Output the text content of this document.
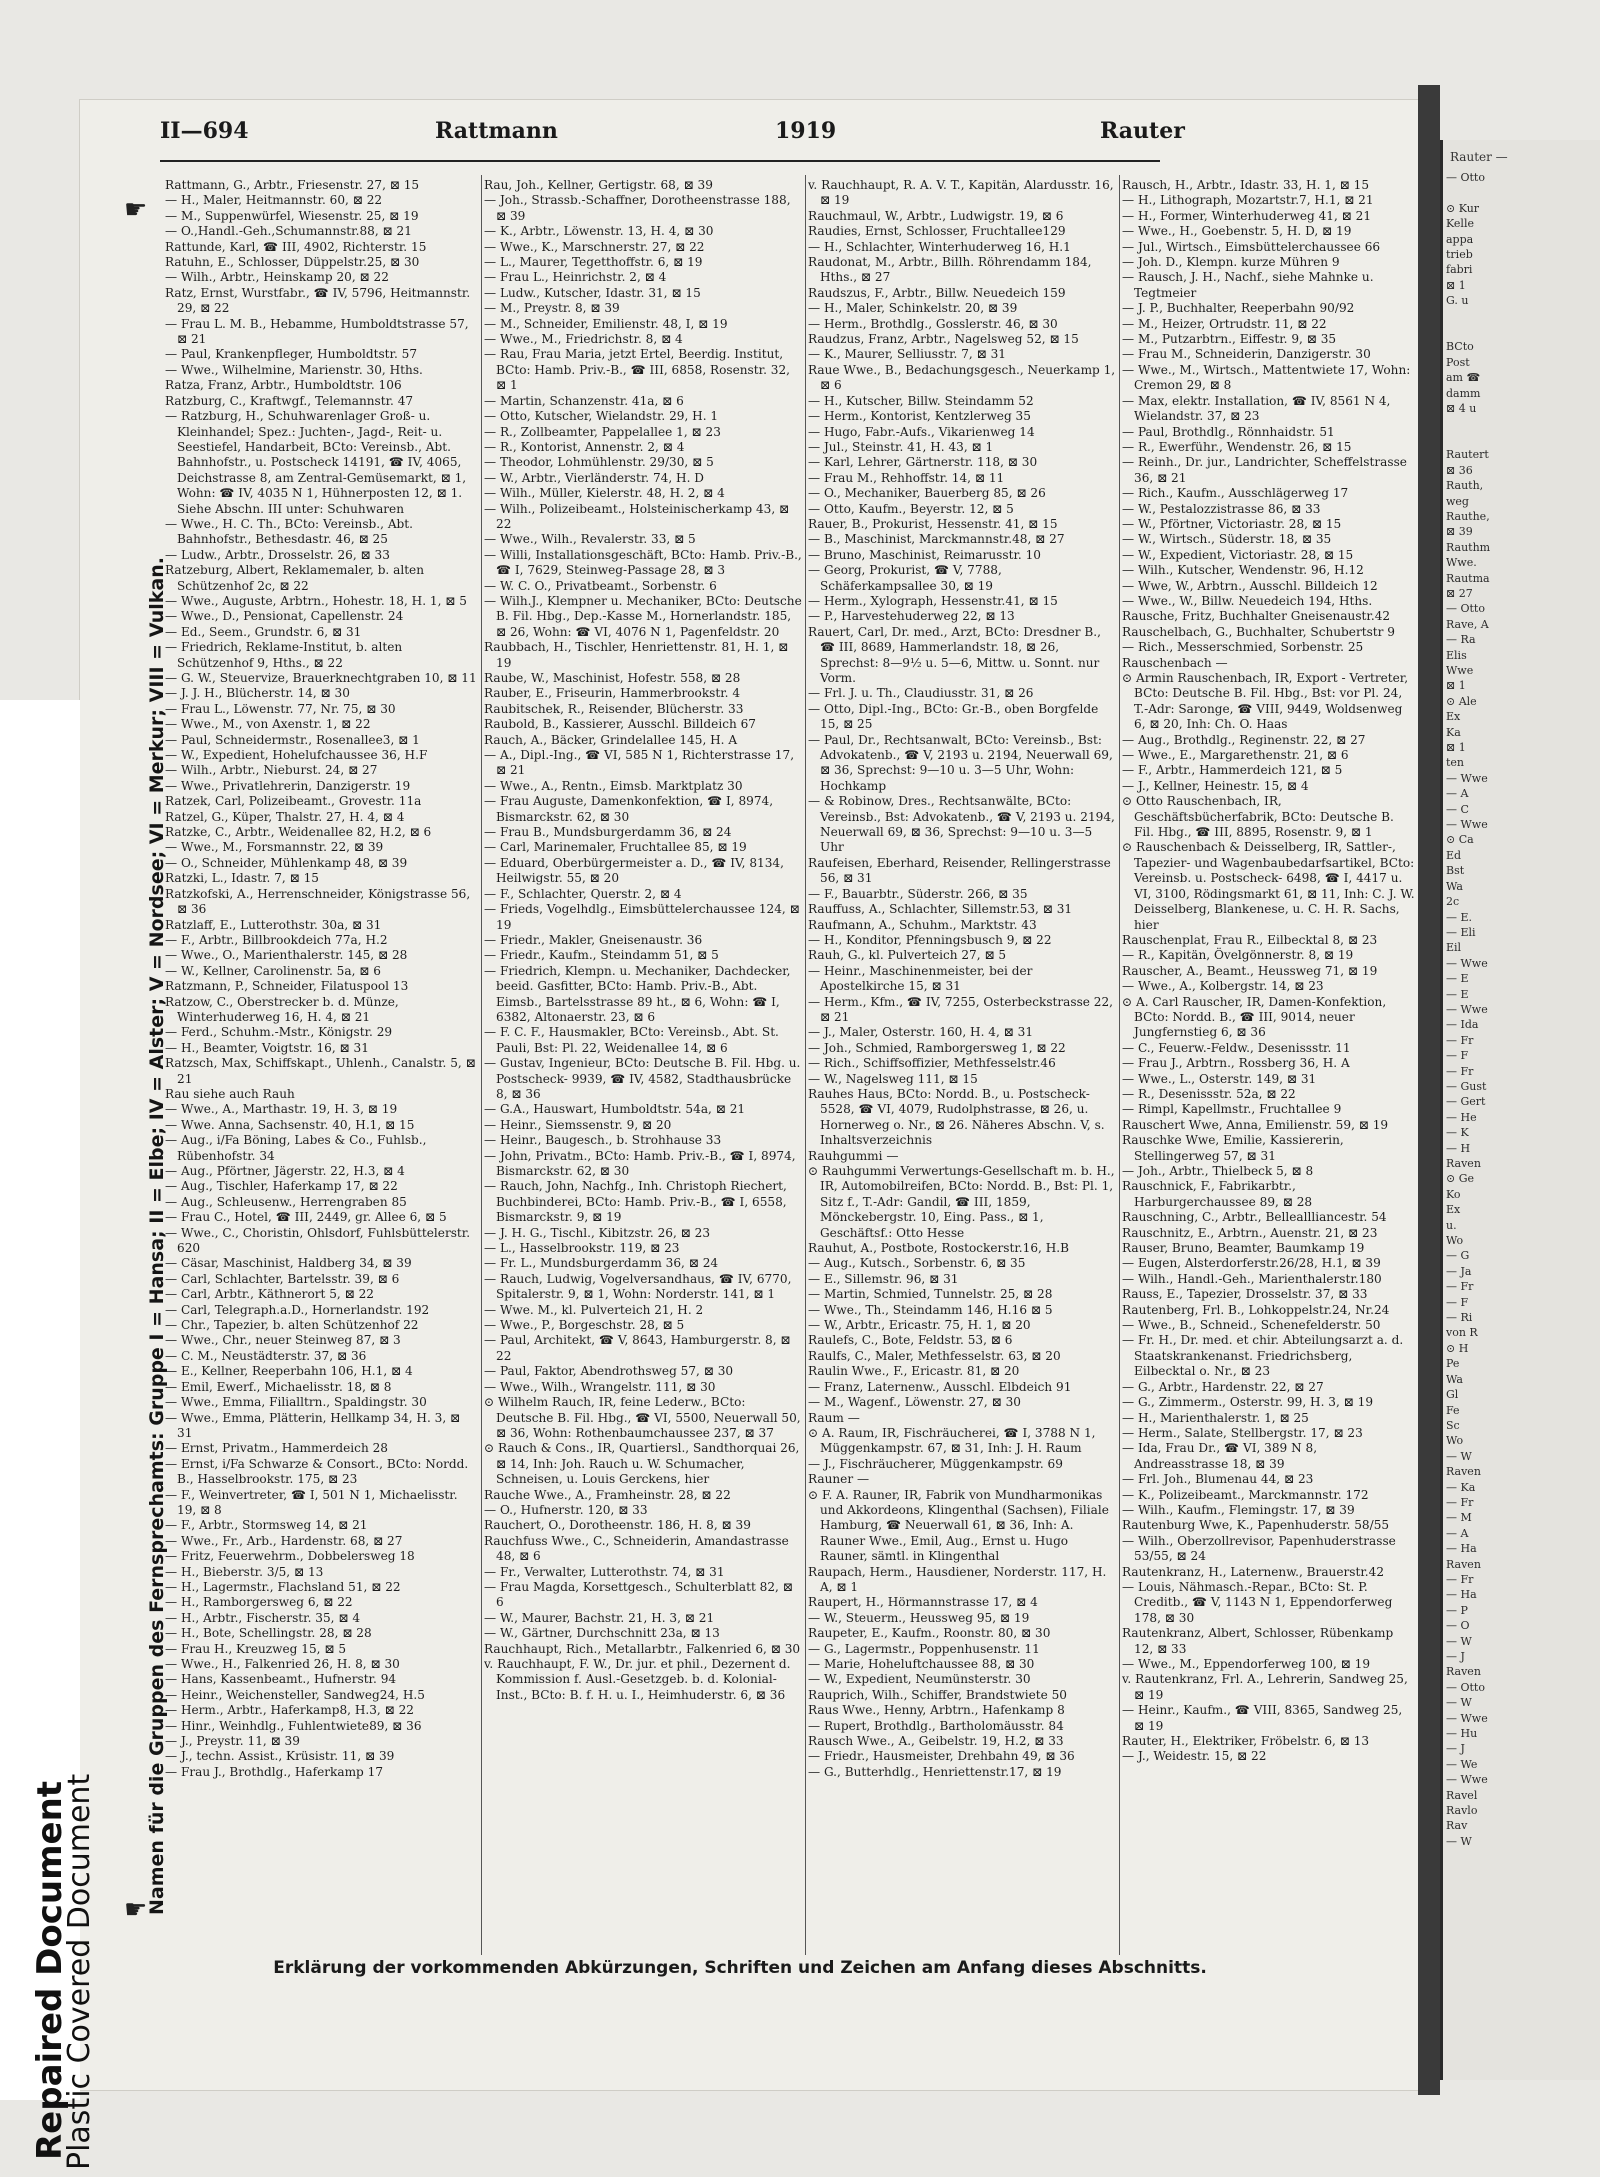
Plastic Covered Document
Repaired Document
II—694	Rattmann	1919	Rauter
☛
☛
Namen für die Gruppen des Fernsprechamts: Gruppe I = Hansa; II = Elbe; IV = Alster; V = Nordsee; VI = Merkur; VIII = Vulkan.

Rattmann, G., Arbtr., Friesenstr. 27, ⊠ 15

— H., Maler, Heitmannstr. 60, ⊠ 22

— M., Suppenwürfel, Wiesenstr. 25, ⊠ 19

— O.,Handl.-Geh.,Schumannstr.88, ⊠ 21

Rattunde, Karl, ☎ III, 4902, Richterstr. 15

Ratuhn, E., Schlosser, Düppelstr.25, ⊠ 30

— Wilh., Arbtr., Heinskamp 20, ⊠ 22

Ratz, Ernst, Wurstfabr., ☎ IV, 5796, Heitmannstr. 29, ⊠ 22

— Frau L. M. B., Hebamme, Humboldtstrasse 57, ⊠ 21

— Paul, Krankenpfleger, Humboldtstr. 57

— Wwe., Wilhelmine, Marienstr. 30, Hths.

Ratza, Franz, Arbtr., Humboldtstr. 106

Ratzburg, C., Kraftwgf., Telemannstr. 47

— Ratzburg, H., Schuhwarenlager Groß- u. Kleinhandel; Spez.: Juchten-, Jagd-, Reit- u. Seestiefel, Handarbeit, BCto: Vereinsb., Abt. Bahnhofstr., u. Postscheck 14191, ☎ IV, 4065, Deichstrasse 8, am Zentral-Gemüsemarkt, ⊠ 1, Wohn: ☎ IV, 4035 N 1, Hühnerposten 12, ⊠ 1. Siehe Abschn. III unter: Schuhwaren

— Wwe., H. C. Th., BCto: Vereinsb., Abt. Bahnhofstr., Bethesdastr. 46, ⊠ 25

— Ludw., Arbtr., Drosselstr. 26, ⊠ 33

Ratzeburg, Albert, Reklamemaler, b. alten Schützenhof 2c, ⊠ 22

— Wwe., Auguste, Arbtrn., Hohestr. 18, H. 1, ⊠ 5

— Wwe., D., Pensionat, Capellenstr. 24

— Ed., Seem., Grundstr. 6, ⊠ 31

— Friedrich, Reklame-Institut, b. alten Schützenhof 9, Hths., ⊠ 22

— G. W., Steuervize, Brauerknechtgraben 10, ⊠ 11

— J. J. H., Blücherstr. 14, ⊠ 30

— Frau L., Löwenstr. 77, Nr. 75, ⊠ 30

— Wwe., M., von Axenstr. 1, ⊠ 22

— Paul, Schneidermstr., Rosenallee3, ⊠ 1

— W., Expedient, Hohelufchaussee 36, H.F

— Wilh., Arbtr., Nieburst. 24, ⊠ 27

— Wwe., Privatlehrerin, Danzigerstr. 19

Ratzek, Carl, Polizeibeamt., Grovestr. 11a

Ratzel, G., Küper, Thalstr. 27, H. 4, ⊠ 4

Ratzke, C., Arbtr., Weidenallee 82, H.2, ⊠ 6

— Wwe., M., Forsmannstr. 22, ⊠ 39

— O., Schneider, Mühlenkamp 48, ⊠ 39

Ratzki, L., Idastr. 7, ⊠ 15

Ratzkofski, A., Herrenschneider, Königstrasse 56, ⊠ 36

Ratzlaff, E., Lutterothstr. 30a, ⊠ 31

— F., Arbtr., Billbrookdeich 77a, H.2

— Wwe., O., Marienthalerstr. 145, ⊠ 28

— W., Kellner, Carolinenstr. 5a, ⊠ 6

Ratzmann, P., Schneider, Filatuspool 13

Ratzow, C., Oberstrecker b. d. Münze, Winterhuderweg 16, H. 4, ⊠ 21

— Ferd., Schuhm.-Mstr., Königstr. 29

— H., Beamter, Voigtstr. 16, ⊠ 31

Ratzsch, Max, Schiffskapt., Uhlenh., Canalstr. 5, ⊠ 21

Rau siehe auch Rauh

— Wwe., A., Marthastr. 19, H. 3, ⊠ 19

— Wwe. Anna, Sachsenstr. 40, H.1, ⊠ 15

— Aug., i/Fa Böning, Labes & Co., Fuhlsb., Rübenhofstr. 34

— Aug., Pförtner, Jägerstr. 22, H.3, ⊠ 4

— Aug., Tischler, Haferkamp 17, ⊠ 22

— Aug., Schleusenw., Herrengraben 85

— Frau C., Hotel, ☎ III, 2449, gr. Allee 6, ⊠ 5

— Wwe., C., Choristin, Ohlsdorf, Fuhlsbüttelerstr. 620

— Cäsar, Maschinist, Haldberg 34, ⊠ 39

— Carl, Schlachter, Bartelsstr. 39, ⊠ 6

— Carl, Arbtr., Käthnerort 5, ⊠ 22

— Carl, Telegraph.a.D., Hornerlandstr. 192

— Chr., Tapezier, b. alten Schützenhof 22

— Wwe., Chr., neuer Steinweg 87, ⊠ 3

— C. M., Neustädterstr. 37, ⊠ 36

— E., Kellner, Reeperbahn 106, H.1, ⊠ 4

— Emil, Ewerf., Michaelisstr. 18, ⊠ 8

— Wwe., Emma, Filialltrn., Spaldingstr. 30

— Wwe., Emma, Plätterin, Hellkamp 34, H. 3, ⊠ 31

— Ernst, Privatm., Hammerdeich 28

— Ernst, i/Fa Schwarze & Consort., BCto: Nordd. B., Hasselbrookstr. 175, ⊠ 23

— F., Weinvertreter, ☎ I, 501 N 1, Michaelisstr. 19, ⊠ 8

— F., Arbtr., Stormsweg 14, ⊠ 21

— Wwe., Fr., Arb., Hardenstr. 68, ⊠ 27

— Fritz, Feuerwehrm., Dobbelersweg 18

— H., Bieberstr. 3/5, ⊠ 13

— H., Lagermstr., Flachsland 51, ⊠ 22

— H., Ramborgersweg 6, ⊠ 22

— H., Arbtr., Fischerstr. 35, ⊠ 4

— H., Bote, Schellingstr. 28, ⊠ 28

— Frau H., Kreuzweg 15, ⊠ 5

— Wwe., H., Falkenried 26, H. 8, ⊠ 30

— Hans, Kassenbeamt., Hufnerstr. 94

— Heinr., Weichensteller, Sandweg24, H.5

— Herm., Arbtr., Haferkamp8, H.3, ⊠ 22

— Hinr., Weinhdlg., Fuhlentwiete89, ⊠ 36

— J., Preystr. 11, ⊠ 39

— J., techn. Assist., Krüsistr. 11, ⊠ 39

— Frau J., Brothdlg., Haferkamp 17

Rau, Joh., Kellner, Gertigstr. 68, ⊠ 39

— Joh., Strassb.-Schaffner, Dorotheenstrasse 188, ⊠ 39

— K., Arbtr., Löwenstr. 13, H. 4, ⊠ 30

— Wwe., K., Marschnerstr. 27, ⊠ 22

— L., Maurer, Tegetthoffstr. 6, ⊠ 19

— Frau L., Heinrichstr. 2, ⊠ 4

— Ludw., Kutscher, Idastr. 31, ⊠ 15

— M., Preystr. 8, ⊠ 39

— M., Schneider, Emilienstr. 48, I, ⊠ 19

— Wwe., M., Friedrichstr. 8, ⊠ 4

— Rau, Frau Maria, jetzt Ertel, Beerdig. Institut, BCto: Hamb. Priv.-B., ☎ III, 6858, Rosenstr. 32, ⊠ 1

— Martin, Schanzenstr. 41a, ⊠ 6

— Otto, Kutscher, Wielandstr. 29, H. 1

— R., Zollbeamter, Pappelallee 1, ⊠ 23

— R., Kontorist, Annenstr. 2, ⊠ 4

— Theodor, Lohmühlenstr. 29/30, ⊠ 5

— W., Arbtr., Vierländerstr. 74, H. D

— Wilh., Müller, Kielerstr. 48, H. 2, ⊠ 4

— Wilh., Polizeibeamt., Holsteinischerkamp 43, ⊠ 22

— Wwe., Wilh., Revalerstr. 33, ⊠ 5

— Willi, Installationsgeschäft, BCto: Hamb. Priv.-B., ☎ I, 7629, Steinweg-Passage 28, ⊠ 3

— W. C. O., Privatbeamt., Sorbenstr. 6

— Wilh.J., Klempner u. Mechaniker, BCto: Deutsche B. Fil. Hbg., Dep.-Kasse M., Hornerlandstr. 185, ⊠ 26, Wohn: ☎ VI, 4076 N 1, Pagenfeldstr. 20

Raubbach, H., Tischler, Henriettenstr. 81, H. 1, ⊠ 19

Raube, W., Maschinist, Hofestr. 558, ⊠ 28

Rauber, E., Friseurin, Hammerbrookstr. 4

Raubitschek, R., Reisender, Blücherstr. 33

Raubold, B., Kassierer, Ausschl. Billdeich 67

Rauch, A., Bäcker, Grindelallee 145, H. A

— A., Dipl.-Ing., ☎ VI, 585 N 1, Richterstrasse 17, ⊠ 21

— Wwe., A., Rentn., Eimsb. Marktplatz 30

— Frau Auguste, Damenkonfektion, ☎ I, 8974, Bismarckstr. 62, ⊠ 30

— Frau B., Mundsburgerdamm 36, ⊠ 24

— Carl, Marinemaler, Fruchtallee 85, ⊠ 19

— Eduard, Oberbürgermeister a. D., ☎ IV, 8134, Heilwigstr. 55, ⊠ 20

— F., Schlachter, Querstr. 2, ⊠ 4

— Frieds, Vogelhdlg., Eimsbüttelerchaussee 124, ⊠ 19

— Friedr., Makler, Gneisenaustr. 36

— Friedr., Kaufm., Steindamm 51, ⊠ 5

— Friedrich, Klempn. u. Mechaniker, Dachdecker, beeid. Gasfitter, BCto: Hamb. Priv.-B., Abt. Eimsb., Bartelsstrasse 89 ht., ⊠ 6, Wohn: ☎ I, 6382, Altonaerstr. 23, ⊠ 6

— F. C. F., Hausmakler, BCto: Vereinsb., Abt. St. Pauli, Bst: Pl. 22, Weidenallee 14, ⊠ 6

— Gustav, Ingenieur, BCto: Deutsche B. Fil. Hbg. u. Postscheck- 9939, ☎ IV, 4582, Stadthausbrücke 8, ⊠ 36

— G.A., Hauswart, Humboldtstr. 54a, ⊠ 21

— Heinr., Siemssenstr. 9, ⊠ 20

— Heinr., Baugesch., b. Strohhause 33

— John, Privatm., BCto: Hamb. Priv.-B., ☎ I, 8974, Bismarckstr. 62, ⊠ 30

— Rauch, John, Nachfg., Inh. Christoph Riechert, Buchbinderei, BCto: Hamb. Priv.-B., ☎ I, 6558, Bismarckstr. 9, ⊠ 19

— J. H. G., Tischl., Kibitzstr. 26, ⊠ 23

— L., Hasselbrookstr. 119, ⊠ 23

— Fr. L., Mundsburgerdamm 36, ⊠ 24

— Rauch, Ludwig, Vogelversandhaus, ☎ IV, 6770, Spitalerstr. 9, ⊠ 1, Wohn: Norderstr. 141, ⊠ 1

— Wwe. M., kl. Pulverteich 21, H. 2

— Wwe., P., Borgeschstr. 28, ⊠ 5

— Paul, Architekt, ☎ V, 8643, Hamburgerstr. 8, ⊠ 22

— Paul, Faktor, Abendrothsweg 57, ⊠ 30

— Wwe., Wilh., Wrangelstr. 111, ⊠ 30

⊙ Wilhelm Rauch, IR, feine Lederw., BCto: Deutsche B. Fil. Hbg., ☎ VI, 5500, Neuerwall 50, ⊠ 36, Wohn: Rothenbaumchaussee 237, ⊠ 37

⊙ Rauch & Cons., IR, Quartiersl., Sandthorquai 26, ⊠ 14, Inh: Joh. Rauch u. W. Schumacher, Schneisen, u. Louis Gerckens, hier

Rauche Wwe., A., Framheinstr. 28, ⊠ 22

— O., Hufnerstr. 120, ⊠ 33

Rauchert, O., Dorotheenstr. 186, H. 8, ⊠ 39

Rauchfuss Wwe., C., Schneiderin, Amandastrasse 48, ⊠ 6

— Fr., Verwalter, Lutterothstr. 74, ⊠ 31

— Frau Magda, Korsettgesch., Schulterblatt 82, ⊠ 6

— W., Maurer, Bachstr. 21, H. 3, ⊠ 21

— W., Gärtner, Durchschnitt 23a, ⊠ 13

Rauchhaupt, Rich., Metallarbtr., Falkenried 6, ⊠ 30

v. Rauchhaupt, F. W., Dr. jur. et phil., Dezernent d. Kommission f. Ausl.-Gesetzgeb. b. d. Kolonial-Inst., BCto: B. f. H. u. I., Heimhuderstr. 6, ⊠ 36

v. Rauchhaupt, R. A. V. T., Kapitän, Alardusstr. 16, ⊠ 19

Rauchmaul, W., Arbtr., Ludwigstr. 19, ⊠ 6

Raudies, Ernst, Schlosser, Fruchtallee129

— H., Schlachter, Winterhuderweg 16, H.1

Raudonat, M., Arbtr., Billh. Röhrendamm 184, Hths., ⊠ 27

Raudszus, F., Arbtr., Billw. Neuedeich 159

— H., Maler, Schinkelstr. 20, ⊠ 39

— Herm., Brothdlg., Gosslerstr. 46, ⊠ 30

Raudzus, Franz, Arbtr., Nagelsweg 52, ⊠ 15

— K., Maurer, Selliusstr. 7, ⊠ 31

Raue Wwe., B., Bedachungsgesch., Neuerkamp 1, ⊠ 6

— H., Kutscher, Billw. Steindamm 52

— Herm., Kontorist, Kentzlerweg 35

— Hugo, Fabr.-Aufs., Vikarienweg 14

— Jul., Steinstr. 41, H. 43, ⊠ 1

— Karl, Lehrer, Gärtnerstr. 118, ⊠ 30

— Frau M., Rehhoffstr. 14, ⊠ 11

— O., Mechaniker, Bauerberg 85, ⊠ 26

— Otto, Kaufm., Beyerstr. 12, ⊠ 5

Rauer, B., Prokurist, Hessenstr. 41, ⊠ 15

— B., Maschinist, Marckmannstr.48, ⊠ 27

— Bruno, Maschinist, Reimarusstr. 10

— Georg, Prokurist, ☎ V, 7788, Schäferkampsallee 30, ⊠ 19

— Herm., Xylograph, Hessenstr.41, ⊠ 15

— P., Harvestehuderweg 22, ⊠ 13

Rauert, Carl, Dr. med., Arzt, BCto: Dresdner B., ☎ III, 8689, Hammerlandstr. 18, ⊠ 26, Sprechst: 8—9½ u. 5—6, Mittw. u. Sonnt. nur Vorm.

— Frl. J. u. Th., Claudiusstr. 31, ⊠ 26

— Otto, Dipl.-Ing., BCto: Gr.-B., oben Borgfelde 15, ⊠ 25

— Paul, Dr., Rechtsanwalt, BCto: Vereinsb., Bst: Advokatenb., ☎ V, 2193 u. 2194, Neuerwall 69, ⊠ 36, Sprechst: 9—10 u. 3—5 Uhr, Wohn: Hochkamp

— & Robinow, Dres., Rechtsanwälte, BCto: Vereinsb., Bst: Advokatenb., ☎ V, 2193 u. 2194, Neuerwall 69, ⊠ 36, Sprechst: 9—10 u. 3—5 Uhr

Raufeisen, Eberhard, Reisender, Rellingerstrasse 56, ⊠ 31

— F., Bauarbtr., Süderstr. 266, ⊠ 35

Rauffuss, A., Schlachter, Sillemstr.53, ⊠ 31

Raufmann, A., Schuhm., Marktstr. 43

— H., Konditor, Pfenningsbusch 9, ⊠ 22

Rauh, G., kl. Pulverteich 27, ⊠ 5

— Heinr., Maschinenmeister, bei der Apostelkirche 15, ⊠ 31

— Herm., Kfm., ☎ IV, 7255, Osterbeckstrasse 22, ⊠ 21

— J., Maler, Osterstr. 160, H. 4, ⊠ 31

— Joh., Schmied, Ramborgersweg 1, ⊠ 22

— Rich., Schiffsoffizier, Methfesselstr.46

— W., Nagelsweg 111, ⊠ 15

Rauhes Haus, BCto: Nordd. B., u. Postscheck- 5528, ☎ VI, 4079, Rudolphstrasse, ⊠ 26, u. Hornerweg o. Nr., ⊠ 26. Näheres Abschn. V, s. Inhaltsverzeichnis

Rauhgummi —

⊙ Rauhgummi Verwertungs-Gesellschaft m. b. H., IR, Automobilreifen, BCto: Nordd. B., Bst: Pl. 1, Sitz f., T.-Adr: Gandil, ☎ III, 1859, Mönckebergstr. 10, Eing. Pass., ⊠ 1, Geschäftsf.: Otto Hesse

Rauhut, A., Postbote, Rostockerstr.16, H.B

— Aug., Kutsch., Sorbenstr. 6, ⊠ 35

— E., Sillemstr. 96, ⊠ 31

— Martin, Schmied, Tunnelstr. 25, ⊠ 28

— Wwe., Th., Steindamm 146, H.16 ⊠ 5

— W., Arbtr., Ericastr. 75, H. 1, ⊠ 20

Raulefs, C., Bote, Feldstr. 53, ⊠ 6

Raulfs, C., Maler, Methfesselstr. 63, ⊠ 20

Raulin Wwe., F., Ericastr. 81, ⊠ 20

— Franz, Laternenw., Ausschl. Elbdeich 91

— M., Wagenf., Löwenstr. 27, ⊠ 30

Raum —

⊙ A. Raum, IR, Fischräucherei, ☎ I, 3788 N 1, Müggenkampstr. 67, ⊠ 31, Inh: J. H. Raum

— J., Fischräucherer, Müggenkampstr. 69

Rauner —

⊙ F. A. Rauner, IR, Fabrik von Mundharmonikas und Akkordeons, Klingenthal (Sachsen), Filiale Hamburg, ☎ Neuerwall 61, ⊠ 36, Inh: A. Rauner Wwe., Emil, Aug., Ernst u. Hugo Rauner, sämtl. in Klingenthal

Raupach, Herm., Hausdiener, Norderstr. 117, H. A, ⊠ 1

Raupert, H., Hörmannstrasse 17, ⊠ 4

— W., Steuerm., Heussweg 95, ⊠ 19

Raupeter, E., Kaufm., Roonstr. 80, ⊠ 30

— G., Lagermstr., Poppenhusenstr. 11

— Marie, Hoheluftchaussee 88, ⊠ 30

— W., Expedient, Neumünsterstr. 30

Rauprich, Wilh., Schiffer, Brandstwiete 50

Raus Wwe., Henny, Arbtrn., Hafenkamp 8

— Rupert, Brothdlg., Bartholomäusstr. 84

Rausch Wwe., A., Geibelstr. 19, H.2, ⊠ 33

— Friedr., Hausmeister, Drehbahn 49, ⊠ 36

— G., Butterhdlg., Henriettenstr.17, ⊠ 19

Rausch, H., Arbtr., Idastr. 33, H. 1, ⊠ 15

— H., Lithograph, Mozartstr.7, H.1, ⊠ 21

— H., Former, Winterhuderweg 41, ⊠ 21

— Wwe., H., Goebenstr. 5, H. D, ⊠ 19

— Jul., Wirtsch., Eimsbüttelerchaussee 66

— Joh. D., Klempn. kurze Mühren 9

— Rausch, J. H., Nachf., siehe Mahnke u. Tegtmeier

— J. P., Buchhalter, Reeperbahn 90/92

— M., Heizer, Ortrudstr. 11, ⊠ 22

— M., Putzarbtrn., Eiffestr. 9, ⊠ 35

— Frau M., Schneiderin, Danzigerstr. 30

— Wwe., M., Wirtsch., Mattentwiete 17, Wohn: Cremon 29, ⊠ 8

— Max, elektr. Installation, ☎ IV, 8561 N 4, Wielandstr. 37, ⊠ 23

— Paul, Brothdlg., Rönnhaidstr. 51

— R., Ewerführ., Wendenstr. 26, ⊠ 15

— Reinh., Dr. jur., Landrichter, Scheffelstrasse 36, ⊠ 21

— Rich., Kaufm., Ausschlägerweg 17

— W., Pestalozzistrasse 86, ⊠ 33

— W., Pförtner, Victoriastr. 28, ⊠ 15

— W., Wirtsch., Süderstr. 18, ⊠ 35

— W., Expedient, Victoriastr. 28, ⊠ 15

— Wilh., Kutscher, Wendenstr. 96, H.12

— Wwe, W., Arbtrn., Ausschl. Billdeich 12

— Wwe., W., Billw. Neuedeich 194, Hths.

Rausche, Fritz, Buchhalter Gneisenaustr.42

Rauschelbach, G., Buchhalter, Schubertstr 9

— Rich., Messerschmied, Sorbenstr. 25

Rauschenbach —

⊙ Armin Rauschenbach, IR, Export - Vertreter, BCto: Deutsche B. Fil. Hbg., Bst: vor Pl. 24, T.-Adr: Saronge, ☎ VIII, 9449, Woldsenweg 6, ⊠ 20, Inh: Ch. O. Haas

— Aug., Brothdlg., Reginenstr. 22, ⊠ 27

— Wwe., E., Margarethenstr. 21, ⊠ 6

— F., Arbtr., Hammerdeich 121, ⊠ 5

— J., Kellner, Heinestr. 15, ⊠ 4

⊙ Otto Rauschenbach, IR, Geschäftsbücherfabrik, BCto: Deutsche B. Fil. Hbg., ☎ III, 8895, Rosenstr. 9, ⊠ 1

⊙ Rauschenbach & Deisselberg, IR, Sattler-, Tapezier- und Wagenbaubedarfsartikel, BCto: Vereinsb. u. Postscheck- 6498, ☎ I, 4417 u. VI, 3100, Rödingsmarkt 61, ⊠ 11, Inh: C. J. W. Deisselberg, Blankenese, u. C. H. R. Sachs, hier

Rauschenplat, Frau R., Eilbecktal 8, ⊠ 23

— R., Kapitän, Övelgönnerstr. 8, ⊠ 19

Rauscher, A., Beamt., Heussweg 71, ⊠ 19

— Wwe., A., Kolbergstr. 14, ⊠ 23

⊙ A. Carl Rauscher, IR, Damen-Konfektion, BCto: Nordd. B., ☎ III, 9014, neuer Jungfernstieg 6, ⊠ 36

— C., Feuerw.-Feldw., Desenissstr. 11

— Frau J., Arbtrn., Rossberg 36, H. A

— Wwe., L., Osterstr. 149, ⊠ 31

— R., Desenissstr. 52a, ⊠ 22

— Rimpl, Kapellmstr., Fruchtallee 9

Rauschert Wwe, Anna, Emilienstr. 59, ⊠ 19

Rauschke Wwe, Emilie, Kassiererin, Stellingerweg 57, ⊠ 31

— Joh., Arbtr., Thielbeck 5, ⊠ 8

Rauschnick, F., Fabrikarbtr., Harburgerchaussee 89, ⊠ 28

Rauschning, C., Arbtr., Belleallliancestr. 54

Rauschnitz, E., Arbtrn., Auenstr. 21, ⊠ 23

Rauser, Bruno, Beamter, Baumkamp 19

— Eugen, Alsterdorferstr.26/28, H.1, ⊠ 39

— Wilh., Handl.-Geh., Marienthalerstr.180

Rauss, E., Tapezier, Drosselstr. 37, ⊠ 33

Rautenberg, Frl. B., Lohkoppelstr.24, Nr.24

— Wwe., B., Schneid., Schenefelderstr. 50

— Fr. H., Dr. med. et chir. Abteilungsarzt a. d. Staatskrankenanst. Friedrichsberg, Eilbecktal o. Nr., ⊠ 23

— G., Arbtr., Hardenstr. 22, ⊠ 27

— G., Zimmerm., Osterstr. 99, H. 3, ⊠ 19

— H., Marienthalerstr. 1, ⊠ 25

— Herm., Salate, Stellbergstr. 17, ⊠ 23

— Ida, Frau Dr., ☎ VI, 389 N 8, Andreasstrasse 18, ⊠ 39

— Frl. Joh., Blumenau 44, ⊠ 23

— K., Polizeibeamt., Marckmannstr. 172

— Wilh., Kaufm., Flemingstr. 17, ⊠ 39

Rautenburg Wwe, K., Papenhuderstr. 58/55

— Wilh., Oberzollrevisor, Papenhuderstrasse 53/55, ⊠ 24

Rautenkranz, H., Laternenw., Brauerstr.42

— Louis, Nähmasch.-Repar., BCto: St. P. Creditb., ☎ V, 1143 N 1, Eppendorferweg 178, ⊠ 30

Rautenkranz, Albert, Schlosser, Rübenkamp 12, ⊠ 33

— Wwe., M., Eppendorferweg 100, ⊠ 19

v. Rautenkranz, Frl. A., Lehrerin, Sandweg 25, ⊠ 19

— Heinr., Kaufm., ☎ VIII, 8365, Sandweg 25, ⊠ 19

Rauter, H., Elektriker, Fröbelstr. 6, ⊠ 13

— J., Weidestr. 15, ⊠ 22

Erklärung der vorkommenden Abkürzungen, Schriften und Zeichen am Anfang dieses Abschnitts.
Rauter —

— Otto

⊙ Kur

Kelle

appa

trieb

fabri

⊠ 1

G. u

BCto

Post

am ☎

damm

⊠ 4 u

Rautert

⊠ 36

Rauth,

weg

Rauthe,

⊠ 39

Rauthm

Wwe.

Rautma

⊠ 27

— Otto

Rave, A

— Ra

Elis

Wwe

⊠ 1

⊙ Ale

Ex

Ka

⊠ 1

ten

— Wwe

— A

— C

— Wwe

⊙ Ca

Ed

Bst

Wa

2c

— E.

— Eli

Eil

— Wwe

— E

— E

— Wwe

— Ida

— Fr

— F

— Fr

— Gust

— Gert

— He

— K

— H

Raven

⊙ Ge

Ko

Ex

u.

Wo

— G

— Ja

— Fr

— F

— Ri

von R

⊙ H

Pe

Wa

Gl

Fe

Sc

Wo

— W

Raven

— Ka

— Fr

— M

— A

— Ha

Raven

— Fr

— Ha

— P

— O

— W

— J

Raven

— Otto

— W

— Wwe

— Hu

— J

— We

— Wwe

Ravel

Ravlo

Rav

— W
